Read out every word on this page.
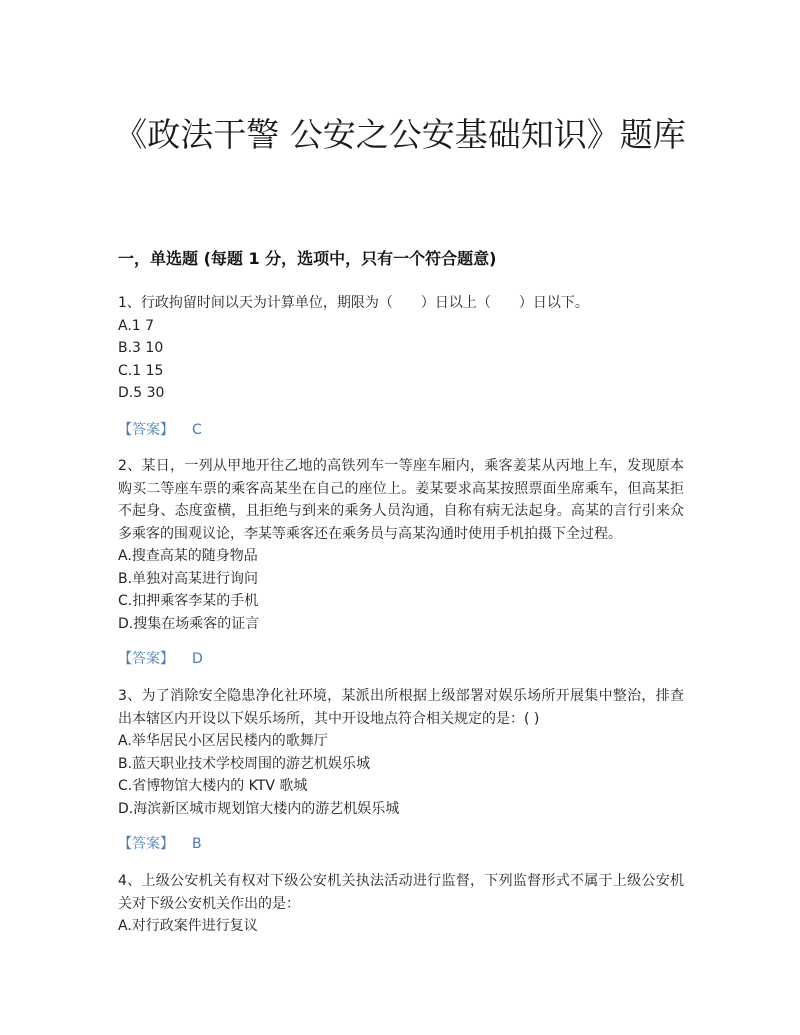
《政法干警 公安之公安基础知识》题库
一，单选题 (每题 1 分，选项中，只有一个符合题意)

1、行政拘留时间以天为计算单位，期限为（　　）日以上（　　）日以下。

A.1 7

B.3 10

C.1 15

D.5 30

【答案】 C

2、某日，一列从甲地开往乙地的高铁列车一等座车厢内，乘客姜某从丙地上车，发现原本购买二等座车票的乘客高某坐在自己的座位上。姜某要求高某按照票面坐席乘车，但高某拒不起身、态度蛮横，且拒绝与到来的乘务人员沟通，自称有病无法起身。高某的言行引来众多乘客的围观议论，李某等乘客还在乘务员与高某沟通时使用手机拍摄下全过程。

A.搜查高某的随身物品

B.单独对高某进行询问

C.扣押乘客李某的手机

D.搜集在场乘客的证言

【答案】 D

3、为了消除安全隐患净化社环境，某派出所根据上级部署对娱乐场所开展集中整治，排查出本辖区内开设以下娱乐场所，其中开设地点符合相关规定的是：( )

A.举华居民小区居民楼内的歌舞厅

B.蓝天职业技术学校周围的游艺机娱乐城

C.省博物馆大楼内的 KTV 歌城

D.海滨新区城市规划馆大楼内的游艺机娱乐城

【答案】 B

4、上级公安机关有权对下级公安机关执法活动进行监督，下列监督形式不属于上级公安机关对下级公安机关作出的是：

A.对行政案件进行复议
